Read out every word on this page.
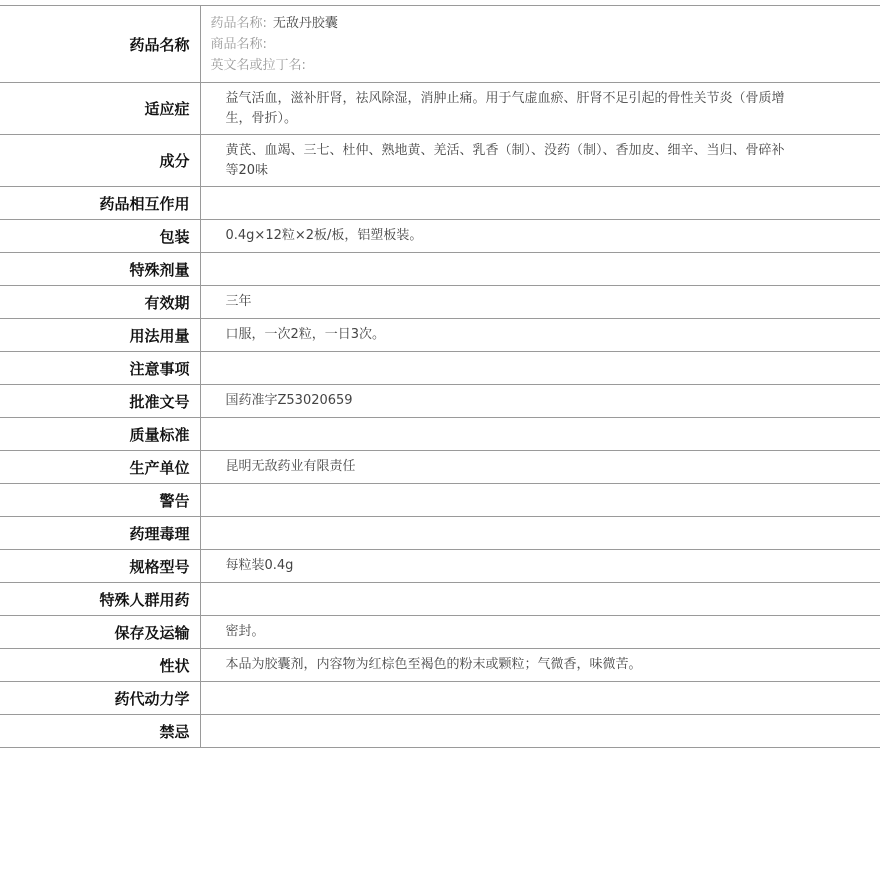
药品名称	药品名称: 无敌丹胶囊
商品名称:
英文名或拉丁名:

适应症	益气活血，滋补肝肾，祛风除湿，消肿止痛。用于气虚血瘀、肝肾不足引起的骨性关节炎（骨质增生，骨折）。
成分	黄芪、血竭、三七、杜仲、熟地黄、羌活、乳香（制）、没药（制）、香加皮、细辛、当归、骨碎补等20味
药品相互作用	
包装	0.4g×12粒×2板/板，铝塑板装。
特殊剂量	
有效期	三年
用法用量	口服，一次2粒，一日3次。
注意事项	
批准文号	国药准字Z53020659
质量标准	
生产单位	昆明无敌药业有限责任
警告	
药理毒理	
规格型号	每粒装0.4g
特殊人群用药	
保存及运输	密封。
性状	本品为胶囊剂，内容物为红棕色至褐色的粉末或颗粒；气微香，味微苦。
药代动力学	
禁忌	
